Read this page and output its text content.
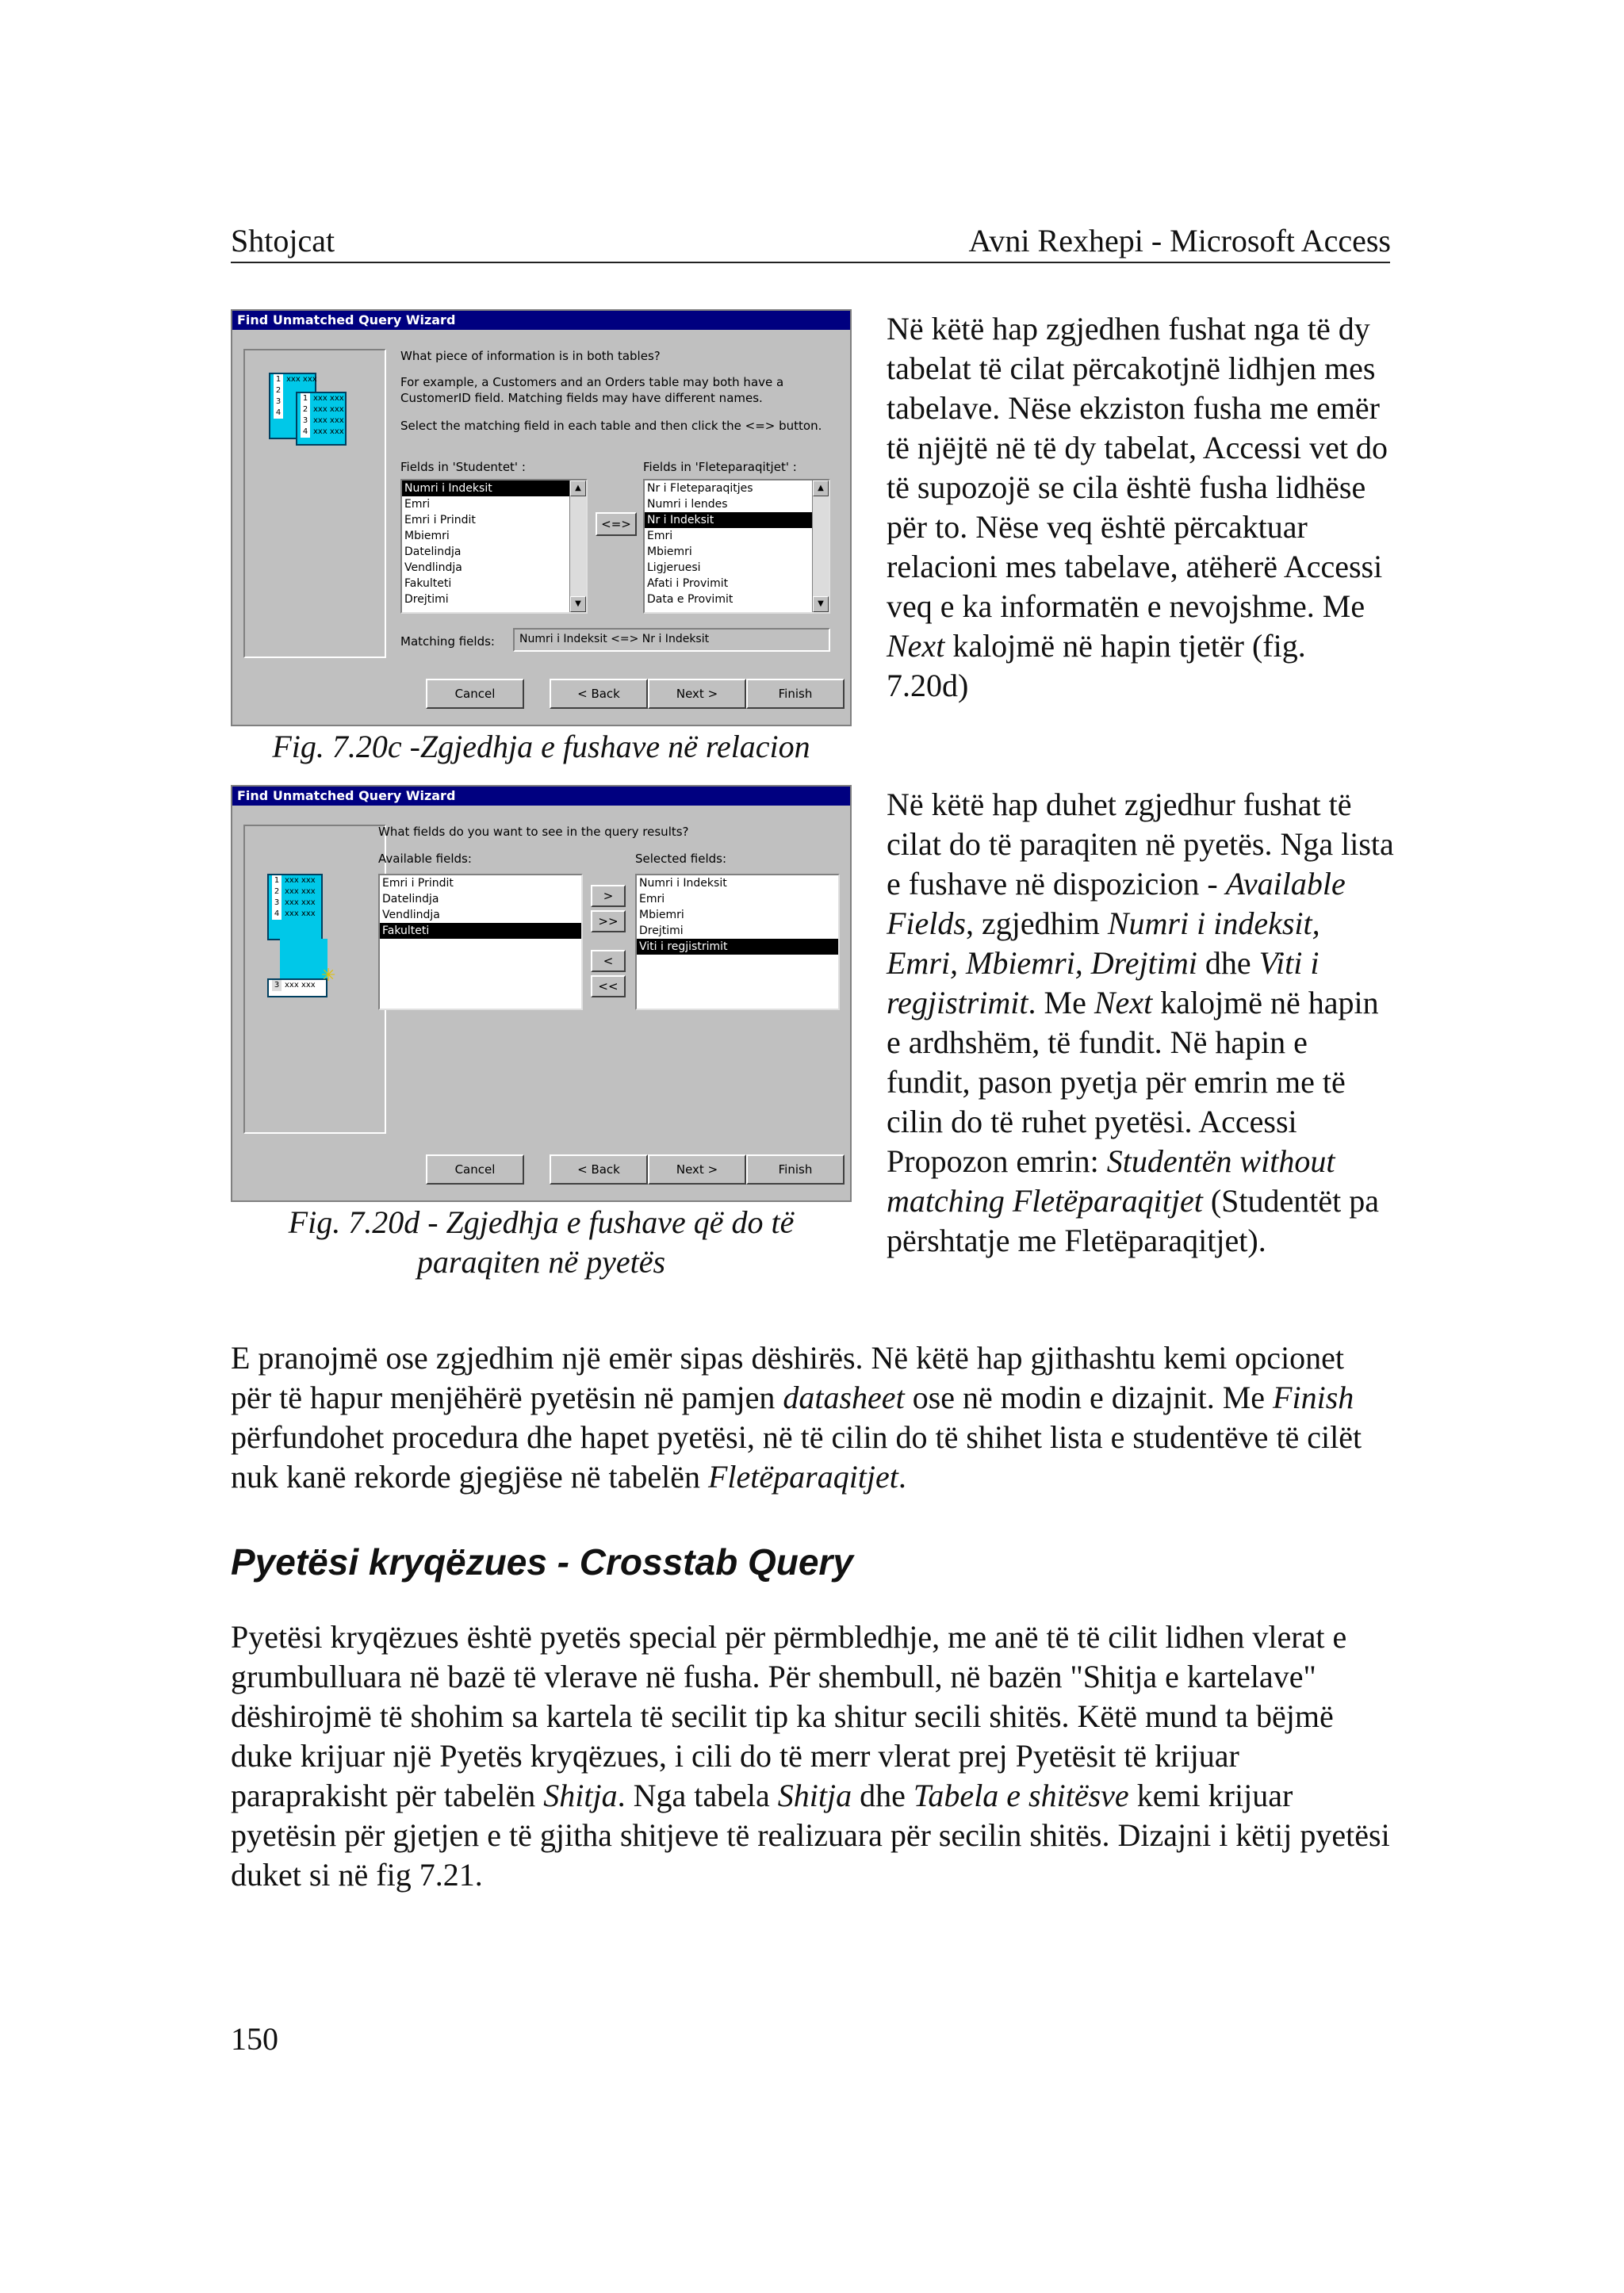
Shtojcat	Avni Rexhepi - Microsoft Access
Find Unmatched Query Wizard
1 xxx xxx
2
3
4
1 xxx xxx
2 xxx xxx
3 xxx xxx
4 xxx xxx
What piece of information is in both tables?
For example, a Customers and an Orders table may both have a CustomerID field. Matching fields may have different names.
Select the matching field in each table and then click the <=> button.
Fields in 'Studentet' :	Fields in 'Fleteparaqitjet' :
Numri i Indeksit
Emri
Emri i Prindit
Mbiemri
Datelindja
Vendlindja
Fakulteti
Drejtimi
▲
▼
<=>
Nr i Fleteparaqitjes
Numri i lendes
Nr i Indeksit
Emri
Mbiemri
Ligjeruesi
Afati i Provimit
Data e Provimit
▲
▼
Matching fields:	Numri i Indeksit <=> Nr i Indeksit
Cancel	< Back	Next >	Finish
Fig. 7.20c -Zgjedhja e fushave në relacion
Find Unmatched Query Wizard
1 xxx xxx
2 xxx xxx
3 xxx xxx
4 xxx xxx
3 xxx xxx ✳
What fields do you want to see in the query results?
Available fields:	Selected fields:
Emri i Prindit
Datelindja
Vendlindja
Fakulteti
>
>>
<
<<
Numri i Indeksit
Emri
Mbiemri
Drejtimi
Viti i regjistrimit
Cancel	< Back	Next >	Finish
Fig. 7.20d - Zgjedhja e fushave që do të paraqiten në pyetës
Në këtë hap zgjedhen fushat nga të dy tabelat të cilat përcakotjnë lidhjen mes tabelave. Nëse ekziston fusha me emër të njëjtë në të dy tabelat, Accessi vet do të supozojë se cila është fusha lidhëse për to. Nëse veq është përcaktuar relacioni mes tabelave, atëherë Accessi veq e ka informatën e nevojshme. Me Next kalojmë në hapin tjetër (fig. 7.20d)
Në këtë hap duhet zgjedhur fushat të cilat do të paraqiten në pyetës. Nga lista e fushave në dispozicion - Available Fields, zgjedhim Numri i indeksit, Emri, Mbiemri, Drejtimi dhe Viti i regjistrimit. Me Next kalojmë në hapin e ardhshëm, të fundit. Në hapin e fundit, pason pyetja për emrin me të cilin do të ruhet pyetësi. Accessi Propozon emrin: Studentën without matching Fletëparaqitjet (Studentët pa përshtatje me Fletëparaqitjet).
E pranojmë ose zgjedhim një emër sipas dëshirës. Në këtë hap gjithashtu kemi opcionet për të hapur menjëhërë pyetësin në pamjen datasheet ose në modin e dizajnit. Me Finish përfundohet procedura dhe hapet pyetësi, në të cilin do të shihet lista e studentëve të cilët nuk kanë rekorde gjegjëse në tabelën Fletëparaqitjet.
Pyetësi kryqëzues - Crosstab Query
Pyetësi kryqëzues është pyetës special për përmbledhje, me anë të të cilit lidhen vlerat e grumbulluara në bazë të vlerave në fusha. Për shembull, në bazën "Shitja e kartelave" dëshirojmë të shohim sa kartela të secilit tip ka shitur secili shitës. Këtë mund ta bëjmë duke krijuar një Pyetës kryqëzues, i cili do të merr vlerat prej Pyetësit të krijuar paraprakisht për tabelën Shitja. Nga tabela Shitja dhe Tabela e shitësve kemi krijuar pyetësin për gjetjen e të gjitha shitjeve të realizuara për secilin shitës. Dizajni i këtij pyetësi duket si në fig 7.21.
150
